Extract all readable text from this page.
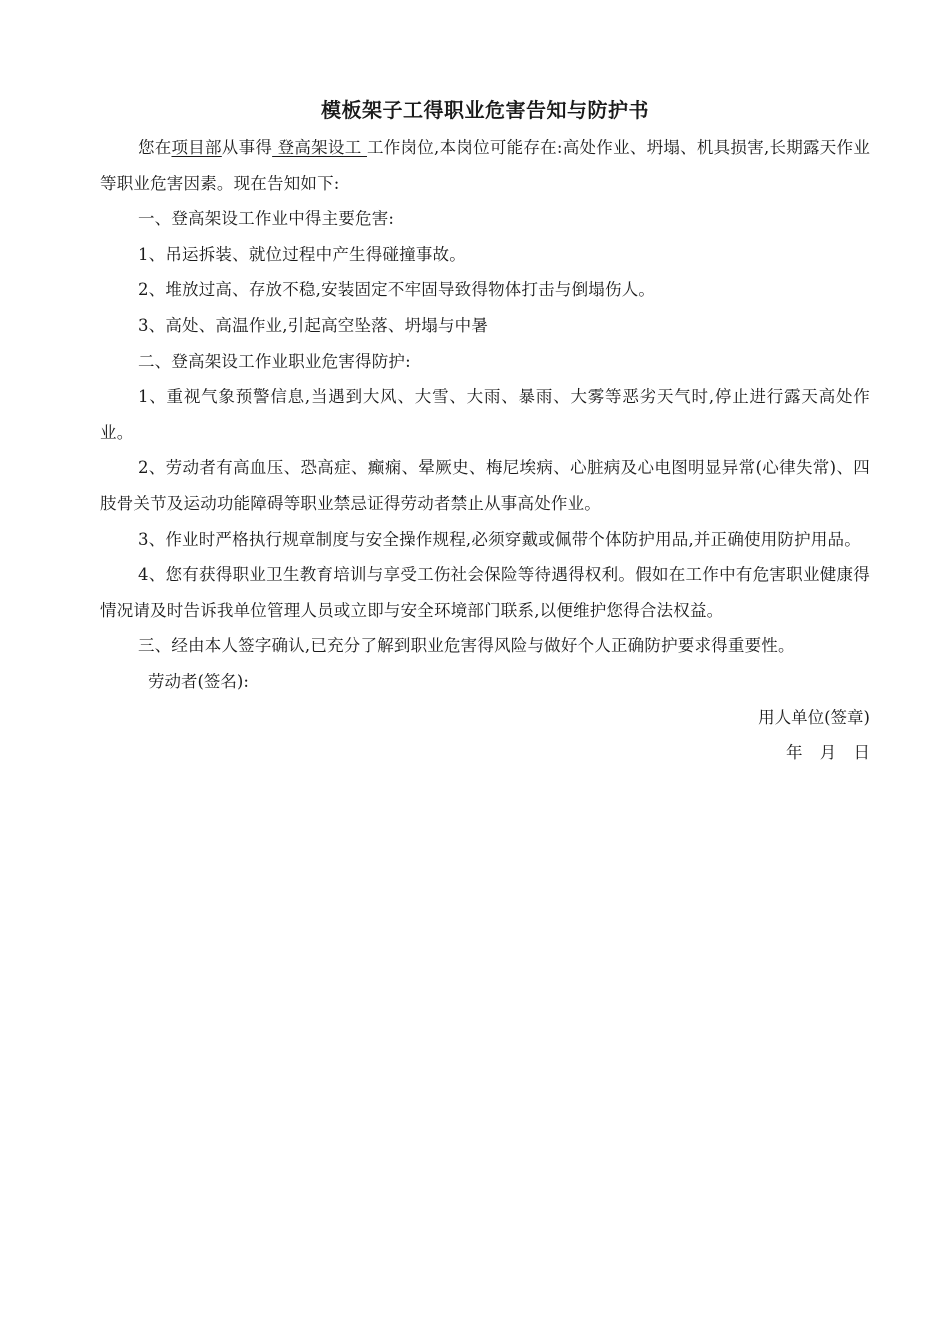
模板架子工得职业危害告知与防护书

您在项目部从事得 登高架设工 工作岗位,本岗位可能存在:高处作业、坍塌、机具损害,长期露天作业等职业危害因素。现在告知如下:

一、登高架设工作业中得主要危害:

1、吊运拆装、就位过程中产生得碰撞事故。

2、堆放过高、存放不稳,安装固定不牢固导致得物体打击与倒塌伤人。

3、高处、高温作业,引起高空坠落、坍塌与中暑

二、登高架设工作业职业危害得防护:

1、重视气象预警信息,当遇到大风、大雪、大雨、暴雨、大雾等恶劣天气时,停止进行露天高处作业。

2、劳动者有高血压、恐高症、癫痫、晕厥史、梅尼埃病、心脏病及心电图明显异常(心律失常)、四肢骨关节及运动功能障碍等职业禁忌证得劳动者禁止从事高处作业。

3、作业时严格执行规章制度与安全操作规程,必须穿戴或佩带个体防护用品,并正确使用防护用品。

4、您有获得职业卫生教育培训与享受工伤社会保险等待遇得权利。假如在工作中有危害职业健康得情况请及时告诉我单位管理人员或立即与安全环境部门联系,以便维护您得合法权益。

三、经由本人签字确认,已充分了解到职业危害得风险与做好个人正确防护要求得重要性。

劳动者(签名):

用人单位(签章)

年 月 日
